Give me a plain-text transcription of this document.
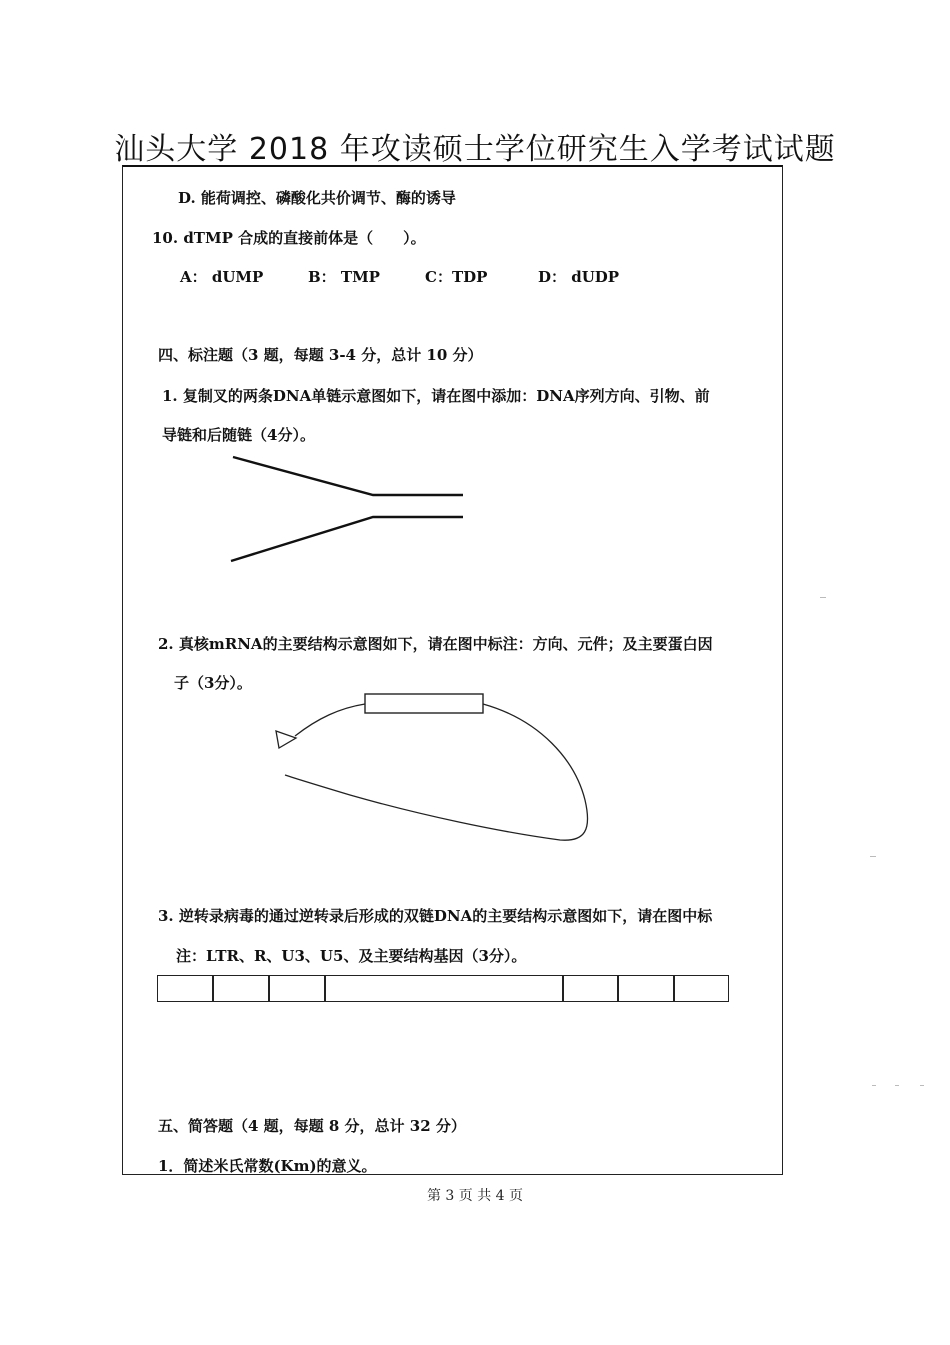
汕头大学 2018 年攻读硕士学位研究生入学考试试题
D. 能荷调控、磷酸化共价调节、酶的诱导
10. dTMP 合成的直接前体是（　　）。
A： dUMP	B： TMP	C：TDP	D： dUDP
四、标注题（3 题，每题 3-4 分，总计 10 分）
1. 复制叉的两条DNA单链示意图如下，请在图中添加：DNA序列方向、引物、前
导链和后随链（4分）。
2. 真核mRNA的主要结构示意图如下，请在图中标注：方向、元件；及主要蛋白因
子（3分）。
3. 逆转录病毒的通过逆转录后形成的双链DNA的主要结构示意图如下，请在图中标
注：LTR、R、U3、U5、及主要结构基因（3分）。
五、简答题（4 题，每题 8 分，总计 32 分）
1．简述米氏常数(Km)的意义。
第 3 页 共 4 页
